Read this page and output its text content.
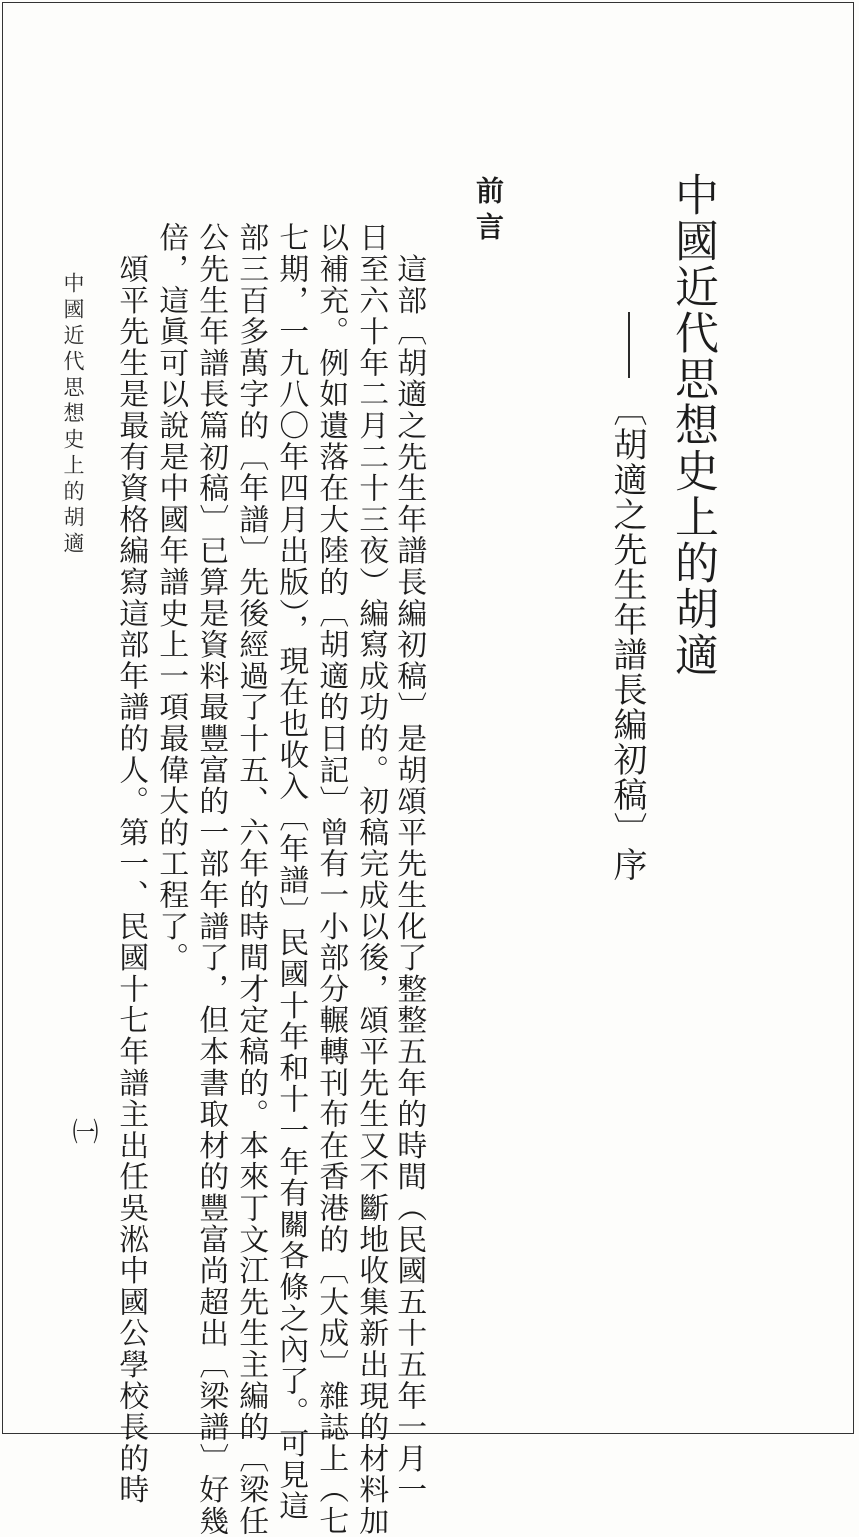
中國近代思想史上的胡適
〔胡適之先生年譜長編初稿〕序
前言
　這部〔胡適之先生年譜長編初稿〕是胡頌平先生化了整整五年的時間（民國五十五年一月一
日至六十年二月二十三夜）編寫成功的。初稿完成以後，頌平先生又不斷地收集新出現的材料加
以補充。例如遺落在大陸的〔胡適的日記〕曾有一小部分輾轉刊布在香港的〔大成〕雜誌上（七
七期，一九八〇年四月出版），現在也收入〔年譜〕民國十年和十一年有關各條之內了。可見這
部三百多萬字的〔年譜〕先後經過了十五、六年的時間才定稿的。本來丁文江先生主編的〔梁任
公先生年譜長篇初稿〕已算是資料最豐富的一部年譜了，但本書取材的豐富尚超出〔梁譜〕好幾
倍，這眞可以說是中國年譜史上一項最偉大的工程了。
　頌平先生是最有資格編寫這部年譜的人。第一、民國十七年譜主出任吳淞中國公學校長的時
中國近代思想史上的胡適
㈠
